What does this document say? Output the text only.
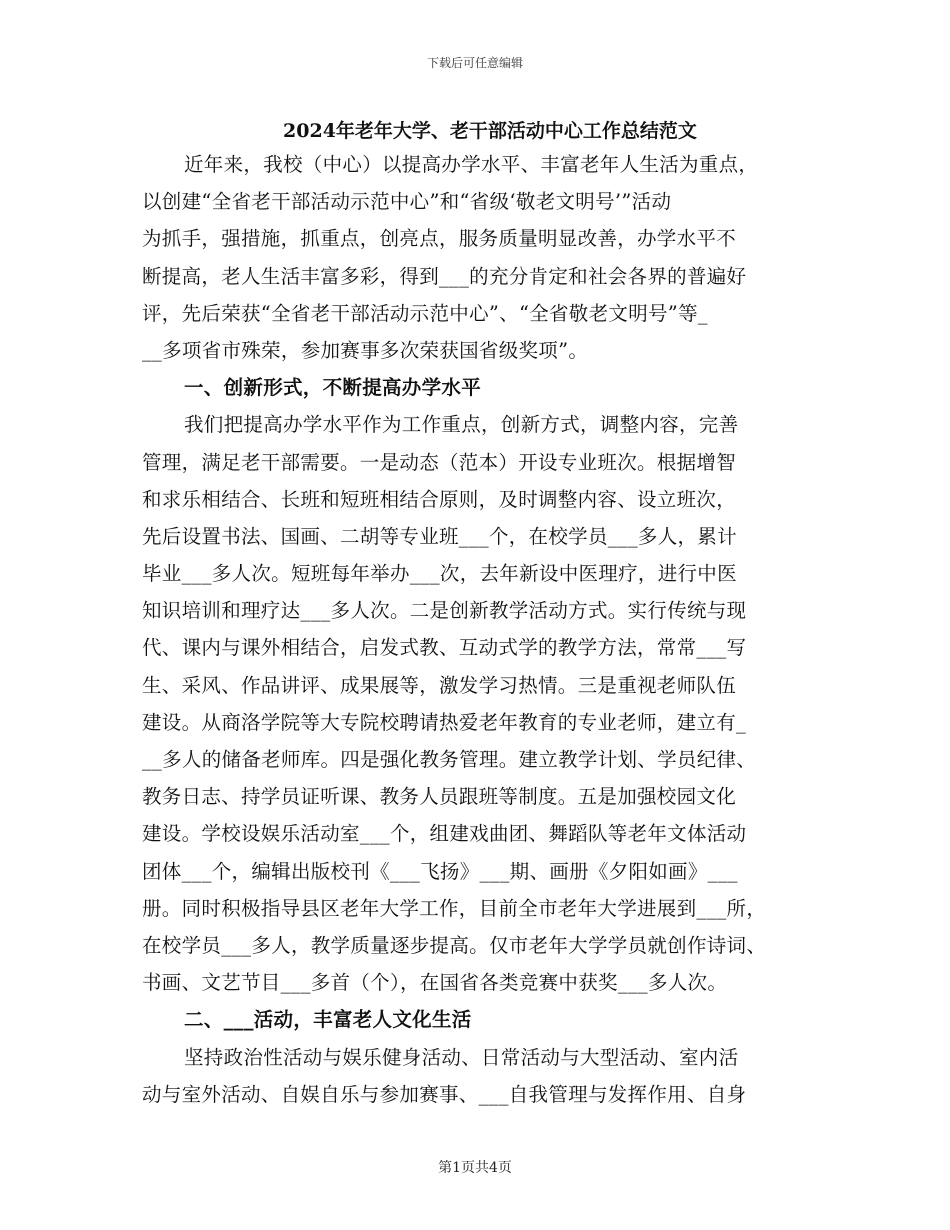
下载后可任意编辑
2024年老年大学、老干部活动中心工作总结范文
近年来，我校（中心）以提高办学水平、丰富老年人生活为重点，
以创建“全省老干部活动示范中心”和“省级‘敬老文明号’”活动
为抓手，强措施，抓重点，创亮点，服务质量明显改善，办学水平不
断提高，老人生活丰富多彩，得到___的充分肯定和社会各界的普遍好
评，先后荣获“全省老干部活动示范中心”、“全省敬老文明号”等_
__多项省市殊荣，参加赛事多次荣获国省级奖项”。
一、创新形式，不断提高办学水平
我们把提高办学水平作为工作重点，创新方式，调整内容，完善
管理，满足老干部需要。一是动态（范本）开设专业班次。根据增智
和求乐相结合、长班和短班相结合原则，及时调整内容、设立班次，
先后设置书法、国画、二胡等专业班___个，在校学员___多人，累计
毕业___多人次。短班每年举办___次，去年新设中医理疗，进行中医
知识培训和理疗达___多人次。二是创新教学活动方式。实行传统与现
代、课内与课外相结合，启发式教、互动式学的教学方法，常常___写
生、采风、作品讲评、成果展等，激发学习热情。三是重视老师队伍
建设。从商洛学院等大专院校聘请热爱老年教育的专业老师，建立有_
__多人的储备老师库。四是强化教务管理。建立教学计划、学员纪律、
教务日志、持学员证听课、教务人员跟班等制度。五是加强校园文化
建设。学校设娱乐活动室___个，组建戏曲团、舞蹈队等老年文体活动
团体___个，编辑出版校刊《___飞扬》___期、画册《夕阳如画》___
册。同时积极指导县区老年大学工作，目前全市老年大学进展到___所，
在校学员___多人，教学质量逐步提高。仅市老年大学学员就创作诗词、
书画、文艺节目___多首（个），在国省各类竞赛中获奖___多人次。
二、___活动，丰富老人文化生活
坚持政治性活动与娱乐健身活动、日常活动与大型活动、室内活
动与室外活动、自娱自乐与参加赛事、___自我管理与发挥作用、自身
第1页共4页
